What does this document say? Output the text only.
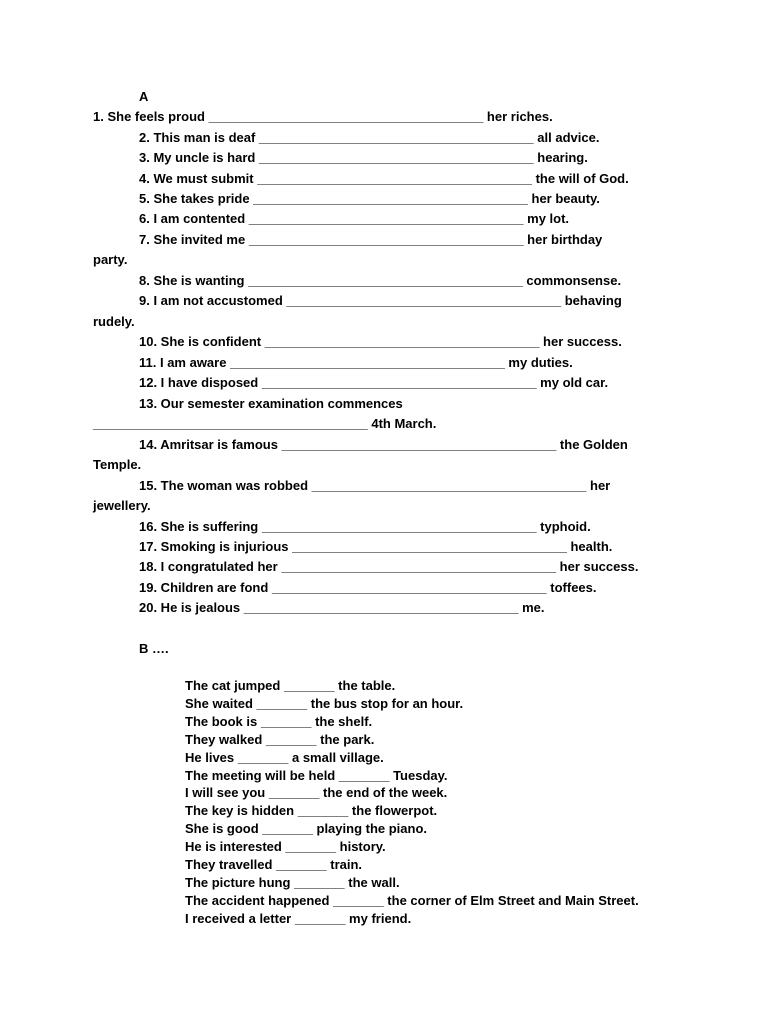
A
1. She feels proud ______________________________________ her riches.
2. This man is deaf ______________________________________ all advice.
3. My uncle is hard ______________________________________ hearing.
4. We must submit ______________________________________ the will of God.
5. She takes pride ______________________________________ her beauty.
6. I am contented ______________________________________ my lot.
7. She invited me ______________________________________ her birthday
party.
8. She is wanting ______________________________________ commonsense.
9. I am not accustomed ______________________________________ behaving
rudely.
10. She is confident ______________________________________ her success.
11. I am aware ______________________________________ my duties.
12. I have disposed ______________________________________ my old car.
13. Our semester examination commences
______________________________________ 4th March.
14. Amritsar is famous ______________________________________ the Golden
Temple.
15. The woman was robbed ______________________________________ her
jewellery.
16. She is suffering ______________________________________ typhoid.
17. Smoking is injurious ______________________________________ health.
18. I congratulated her ______________________________________ her success.
19. Children are fond ______________________________________ toffees.
20. He is jealous ______________________________________ me.
B ….
The cat jumped _______ the table.
She waited _______ the bus stop for an hour.
The book is _______ the shelf.
They walked _______ the park.
He lives _______ a small village.
The meeting will be held _______ Tuesday.
I will see you _______ the end of the week.
The key is hidden _______ the flowerpot.
She is good _______ playing the piano.
He is interested _______ history.
They travelled _______ train.
The picture hung _______ the wall.
The accident happened _______ the corner of Elm Street and Main Street.
I received a letter _______ my friend.
